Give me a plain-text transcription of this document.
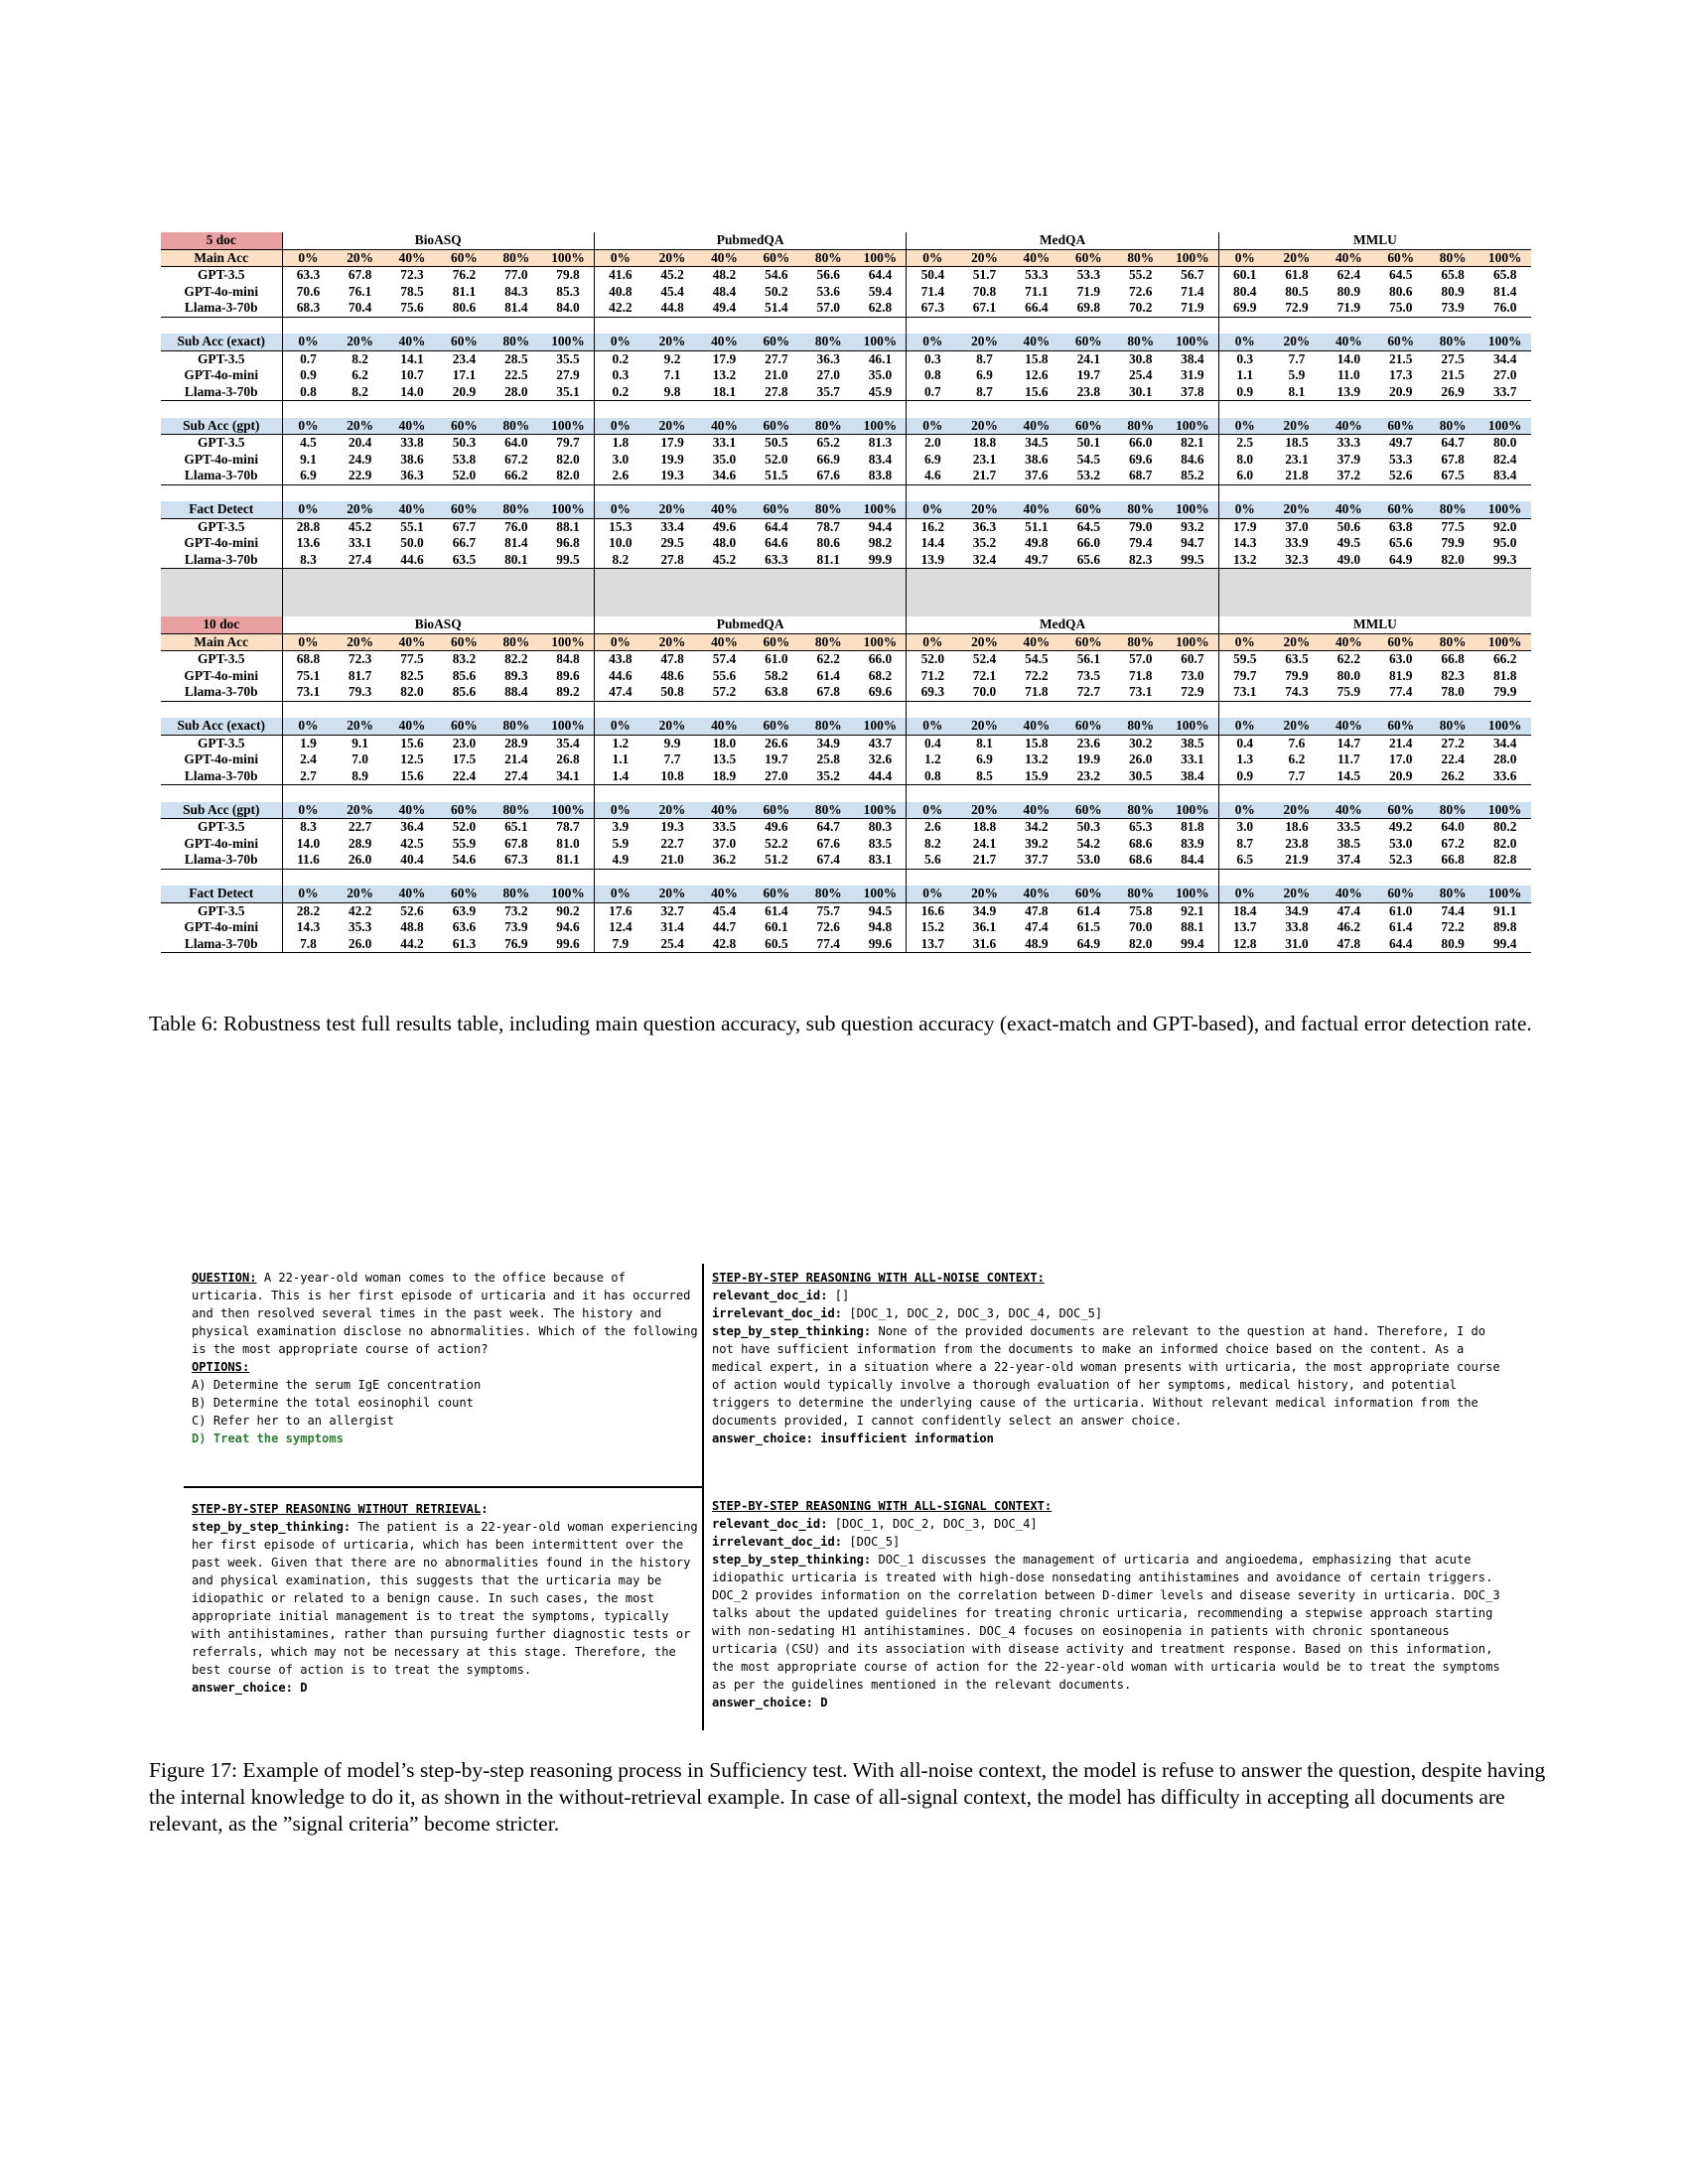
5 doc	BioASQ						PubmedQA						MedQA						MMLU					
Main Acc	0%	20%	40%	60%	80%	100%	0%	20%	40%	60%	80%	100%	0%	20%	40%	60%	80%	100%	0%	20%	40%	60%	80%	100%
GPT-3.5	63.3	67.8	72.3	76.2	77.0	79.8	41.6	45.2	48.2	54.6	56.6	64.4	50.4	51.7	53.3	53.3	55.2	56.7	60.1	61.8	62.4	64.5	65.8	65.8
GPT-4o-mini	70.6	76.1	78.5	81.1	84.3	85.3	40.8	45.4	48.4	50.2	53.6	59.4	71.4	70.8	71.1	71.9	72.6	71.4	80.4	80.5	80.9	80.6	80.9	81.4
Llama-3-70b	68.3	70.4	75.6	80.6	81.4	84.0	42.2	44.8	49.4	51.4	57.0	62.8	67.3	67.1	66.4	69.8	70.2	71.9	69.9	72.9	71.9	75.0	73.9	76.0

Sub Acc (exact)	0%	20%	40%	60%	80%	100%	0%	20%	40%	60%	80%	100%	0%	20%	40%	60%	80%	100%	0%	20%	40%	60%	80%	100%
GPT-3.5	0.7	8.2	14.1	23.4	28.5	35.5	0.2	9.2	17.9	27.7	36.3	46.1	0.3	8.7	15.8	24.1	30.8	38.4	0.3	7.7	14.0	21.5	27.5	34.4
GPT-4o-mini	0.9	6.2	10.7	17.1	22.5	27.9	0.3	7.1	13.2	21.0	27.0	35.0	0.8	6.9	12.6	19.7	25.4	31.9	1.1	5.9	11.0	17.3	21.5	27.0
Llama-3-70b	0.8	8.2	14.0	20.9	28.0	35.1	0.2	9.8	18.1	27.8	35.7	45.9	0.7	8.7	15.6	23.8	30.1	37.8	0.9	8.1	13.9	20.9	26.9	33.7

Sub Acc (gpt)	0%	20%	40%	60%	80%	100%	0%	20%	40%	60%	80%	100%	0%	20%	40%	60%	80%	100%	0%	20%	40%	60%	80%	100%
GPT-3.5	4.5	20.4	33.8	50.3	64.0	79.7	1.8	17.9	33.1	50.5	65.2	81.3	2.0	18.8	34.5	50.1	66.0	82.1	2.5	18.5	33.3	49.7	64.7	80.0
GPT-4o-mini	9.1	24.9	38.6	53.8	67.2	82.0	3.0	19.9	35.0	52.0	66.9	83.4	6.9	23.1	38.6	54.5	69.6	84.6	8.0	23.1	37.9	53.3	67.8	82.4
Llama-3-70b	6.9	22.9	36.3	52.0	66.2	82.0	2.6	19.3	34.6	51.5	67.6	83.8	4.6	21.7	37.6	53.2	68.7	85.2	6.0	21.8	37.2	52.6	67.5	83.4

Fact Detect	0%	20%	40%	60%	80%	100%	0%	20%	40%	60%	80%	100%	0%	20%	40%	60%	80%	100%	0%	20%	40%	60%	80%	100%
GPT-3.5	28.8	45.2	55.1	67.7	76.0	88.1	15.3	33.4	49.6	64.4	78.7	94.4	16.2	36.3	51.1	64.5	79.0	93.2	17.9	37.0	50.6	63.8	77.5	92.0
GPT-4o-mini	13.6	33.1	50.0	66.7	81.4	96.8	10.0	29.5	48.0	64.6	80.6	98.2	14.4	35.2	49.8	66.0	79.4	94.7	14.3	33.9	49.5	65.6	79.9	95.0
Llama-3-70b	8.3	27.4	44.6	63.5	80.1	99.5	8.2	27.8	45.2	63.3	81.1	99.9	13.9	32.4	49.7	65.6	82.3	99.5	13.2	32.3	49.0	64.9	82.0	99.3

10 doc	BioASQ						PubmedQA						MedQA						MMLU					
Main Acc	0%	20%	40%	60%	80%	100%	0%	20%	40%	60%	80%	100%	0%	20%	40%	60%	80%	100%	0%	20%	40%	60%	80%	100%
GPT-3.5	68.8	72.3	77.5	83.2	82.2	84.8	43.8	47.8	57.4	61.0	62.2	66.0	52.0	52.4	54.5	56.1	57.0	60.7	59.5	63.5	62.2	63.0	66.8	66.2
GPT-4o-mini	75.1	81.7	82.5	85.6	89.3	89.6	44.6	48.6	55.6	58.2	61.4	68.2	71.2	72.1	72.2	73.5	71.8	73.0	79.7	79.9	80.0	81.9	82.3	81.8
Llama-3-70b	73.1	79.3	82.0	85.6	88.4	89.2	47.4	50.8	57.2	63.8	67.8	69.6	69.3	70.0	71.8	72.7	73.1	72.9	73.1	74.3	75.9	77.4	78.0	79.9

Sub Acc (exact)	0%	20%	40%	60%	80%	100%	0%	20%	40%	60%	80%	100%	0%	20%	40%	60%	80%	100%	0%	20%	40%	60%	80%	100%
GPT-3.5	1.9	9.1	15.6	23.0	28.9	35.4	1.2	9.9	18.0	26.6	34.9	43.7	0.4	8.1	15.8	23.6	30.2	38.5	0.4	7.6	14.7	21.4	27.2	34.4
GPT-4o-mini	2.4	7.0	12.5	17.5	21.4	26.8	1.1	7.7	13.5	19.7	25.8	32.6	1.2	6.9	13.2	19.9	26.0	33.1	1.3	6.2	11.7	17.0	22.4	28.0
Llama-3-70b	2.7	8.9	15.6	22.4	27.4	34.1	1.4	10.8	18.9	27.0	35.2	44.4	0.8	8.5	15.9	23.2	30.5	38.4	0.9	7.7	14.5	20.9	26.2	33.6

Sub Acc (gpt)	0%	20%	40%	60%	80%	100%	0%	20%	40%	60%	80%	100%	0%	20%	40%	60%	80%	100%	0%	20%	40%	60%	80%	100%
GPT-3.5	8.3	22.7	36.4	52.0	65.1	78.7	3.9	19.3	33.5	49.6	64.7	80.3	2.6	18.8	34.2	50.3	65.3	81.8	3.0	18.6	33.5	49.2	64.0	80.2
GPT-4o-mini	14.0	28.9	42.5	55.9	67.8	81.0	5.9	22.7	37.0	52.2	67.6	83.5	8.2	24.1	39.2	54.2	68.6	83.9	8.7	23.8	38.5	53.0	67.2	82.0
Llama-3-70b	11.6	26.0	40.4	54.6	67.3	81.1	4.9	21.0	36.2	51.2	67.4	83.1	5.6	21.7	37.7	53.0	68.6	84.4	6.5	21.9	37.4	52.3	66.8	82.8

Fact Detect	0%	20%	40%	60%	80%	100%	0%	20%	40%	60%	80%	100%	0%	20%	40%	60%	80%	100%	0%	20%	40%	60%	80%	100%
GPT-3.5	28.2	42.2	52.6	63.9	73.2	90.2	17.6	32.7	45.4	61.4	75.7	94.5	16.6	34.9	47.8	61.4	75.8	92.1	18.4	34.9	47.4	61.0	74.4	91.1
GPT-4o-mini	14.3	35.3	48.8	63.6	73.9	94.6	12.4	31.4	44.7	60.1	72.6	94.8	15.2	36.1	47.4	61.5	70.0	88.1	13.7	33.8	46.2	61.4	72.2	89.8
Llama-3-70b	7.8	26.0	44.2	61.3	76.9	99.6	7.9	25.4	42.8	60.5	77.4	99.6	13.7	31.6	48.9	64.9	82.0	99.4	12.8	31.0	47.8	64.4	80.9	99.4
Table 6: Robustness test full results table, including main question accuracy, sub question accuracy (exact-match and GPT-based), and factual error detection rate.
QUESTION: A 22-year-old woman comes to the office because of urticaria. This is her first episode of urticaria and it has occurred and then resolved several times in the past week. The history and physical examination disclose no abnormalities. Which of the following is the most appropriate course of action?
OPTIONS:
A) Determine the serum IgE concentration
B) Determine the total eosinophil count
C) Refer her to an allergist
D) Treat the symptoms
STEP-BY-STEP REASONING WITH ALL-NOISE CONTEXT:
relevant_doc_id: []
irrelevant_doc_id: [DOC_1, DOC_2, DOC_3, DOC_4, DOC_5]
step_by_step_thinking: None of the provided documents are relevant to the question at hand. Therefore, I do not have sufficient information from the documents to make an informed choice based on the content. As a medical expert, in a situation where a 22-year-old woman presents with urticaria, the most appropriate course of action would typically involve a thorough evaluation of her symptoms, medical history, and potential triggers to determine the underlying cause of the urticaria. Without relevant medical information from the documents provided, I cannot confidently select an answer choice.
answer_choice: insufficient information
STEP-BY-STEP REASONING WITHOUT RETRIEVAL:
step_by_step_thinking: The patient is a 22-year-old woman experiencing her first episode of urticaria, which has been intermittent over the past week. Given that there are no abnormalities found in the history and physical examination, this suggests that the urticaria may be idiopathic or related to a benign cause. In such cases, the most appropriate initial management is to treat the symptoms, typically with antihistamines, rather than pursuing further diagnostic tests or referrals, which may not be necessary at this stage. Therefore, the best course of action is to treat the symptoms.
answer_choice: D
STEP-BY-STEP REASONING WITH ALL-SIGNAL CONTEXT:
relevant_doc_id: [DOC_1, DOC_2, DOC_3, DOC_4]
irrelevant_doc_id: [DOC_5]
step_by_step_thinking: DOC_1 discusses the management of urticaria and angioedema, emphasizing that acute idiopathic urticaria is treated with high-dose nonsedating antihistamines and avoidance of certain triggers. DOC_2 provides information on the correlation between D-dimer levels and disease severity in urticaria. DOC_3 talks about the updated guidelines for treating chronic urticaria, recommending a stepwise approach starting with non-sedating H1 antihistamines. DOC_4 focuses on eosinopenia in patients with chronic spontaneous urticaria (CSU) and its association with disease activity and treatment response. Based on this information, the most appropriate course of action for the 22-year-old woman with urticaria would be to treat the symptoms as per the guidelines mentioned in the relevant documents.
answer_choice: D
Figure 17: Example of model’s step-by-step reasoning process in Sufficiency test. With all-noise context, the model is refuse to answer the question, despite having the internal knowledge to do it, as shown in the without-retrieval example. In case of all-signal context, the model has difficulty in accepting all documents are relevant, as the ”signal criteria” become stricter.
